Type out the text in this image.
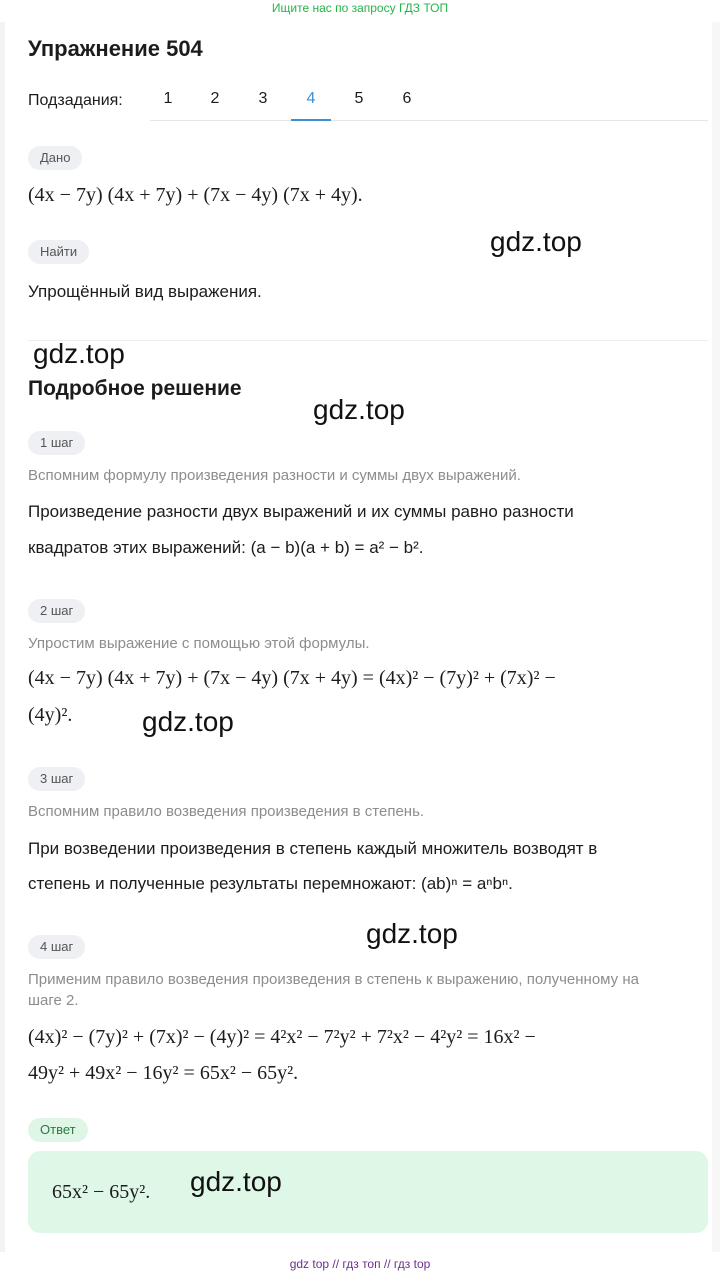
Ищите нас по запросу ГДЗ ТОП
Упражнение 504
Подзадания:	1	2	3	4	5	6
Дано
(4x − 7y) (4x + 7y) + (7x − 4y) (7x + 4y).
Найти
Упрощённый вид выражения.
Подробное решение
1 шаг
Вспомним формулу произведения разности и суммы двух выражений.
Произведение разности двух выражений и их суммы равно разности
квадратов этих выражений: (a − b)(a + b) = a² − b².
2 шаг
Упростим выражение с помощью этой формулы.
(4x − 7y) (4x + 7y) + (7x − 4y) (7x + 4y) = (4x)² − (7y)² + (7x)² −
(4y)².
3 шаг
Вспомним правило возведения произведения в степень.
При возведении произведения в степень каждый множитель возводят в
степень и полученные результаты перемножают: (ab)ⁿ = aⁿbⁿ.
4 шаг
Применим правило возведения произведения в степень к выражению, полученному на
шаге 2.
(4x)² − (7y)² + (7x)² − (4y)² = 4²x² − 7²y² + 7²x² − 4²y² = 16x² −
49y² + 49x² − 16y² = 65x² − 65y².
Ответ
65x² − 65y².
gdz.top
gdz.top
gdz.top
gdz.top
gdz.top
gdz.top
gdz top // гдз топ // гдз top
